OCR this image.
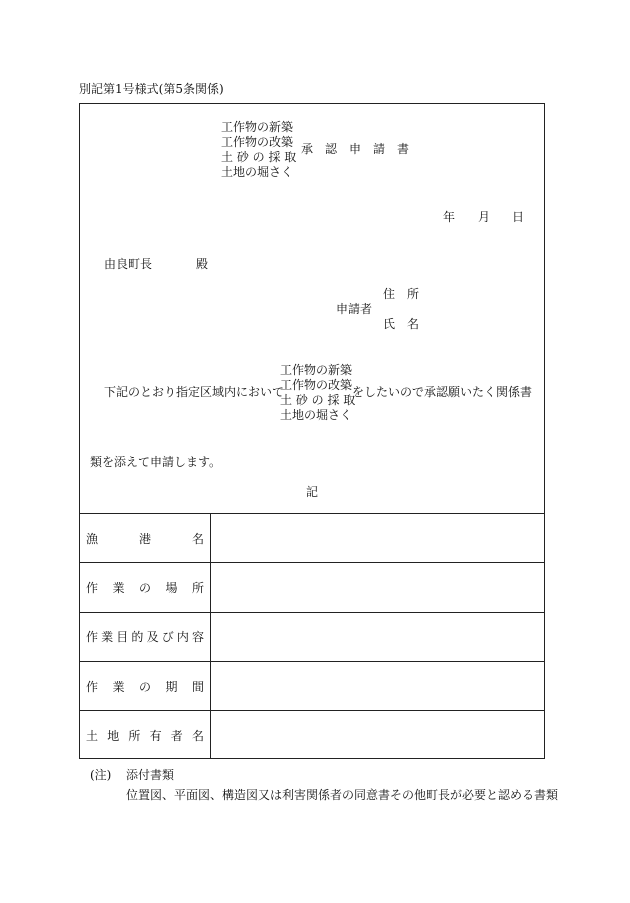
別記第1号様式(第5条関係)
工作物の新築
工作物の改築
土 砂 の 採 取
土地の堀さく
承　認　申　請　書
年 月 日
由良町長	殿
住　所
申請者
氏　名
下記のとおり指定区域内において
工作物の新築
工作物の改築
土 砂 の 採 取
土地の堀さく
をしたいので承認願いたく関係書
類を添えて申請します。
記
漁	港	名
作 業 の 場 所
作 業 目 的 及 び 内 容
作 業 の 期 間
土 地 所 有 者 名
(注) 添付書類
位置図、平面図、構造図又は利害関係者の同意書その他町長が必要と認める書類
